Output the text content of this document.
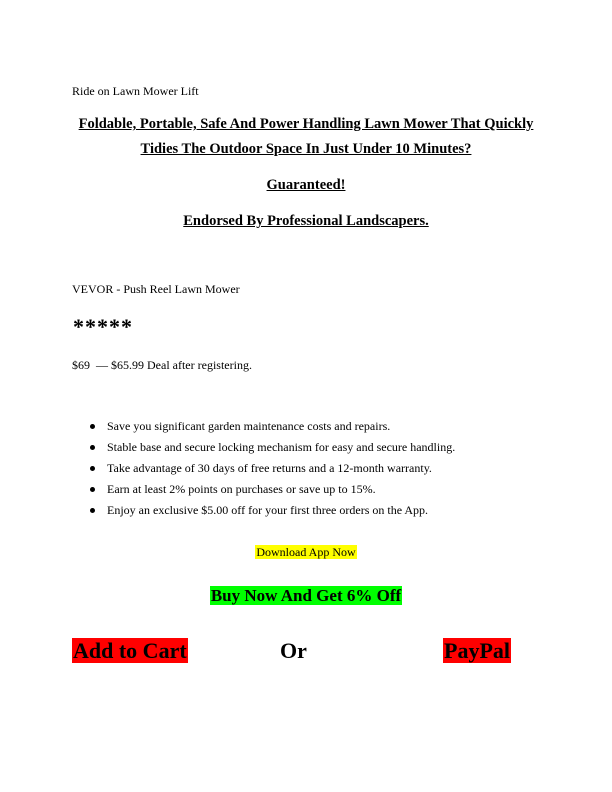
Ride on Lawn Mower Lift
Foldable, Portable, Safe And Power Handling Lawn Mower That Quickly
Tidies The Outdoor Space In Just Under 10 Minutes?
Guaranteed!
Endorsed By Professional Landscapers.
VEVOR - Push Reel Lawn Mower
*****
$69  — $65.99 Deal after registering.
Save you significant garden maintenance costs and repairs.
Stable base and secure locking mechanism for easy and secure handling.
Take advantage of 30 days of free returns and a 12-month warranty.
Earn at least 2% points on purchases or save up to 15%.
Enjoy an exclusive $5.00 off for your first three orders on the App.
Download App Now
Buy Now And Get 6% Off
Add to Cart	Or	PayPal
